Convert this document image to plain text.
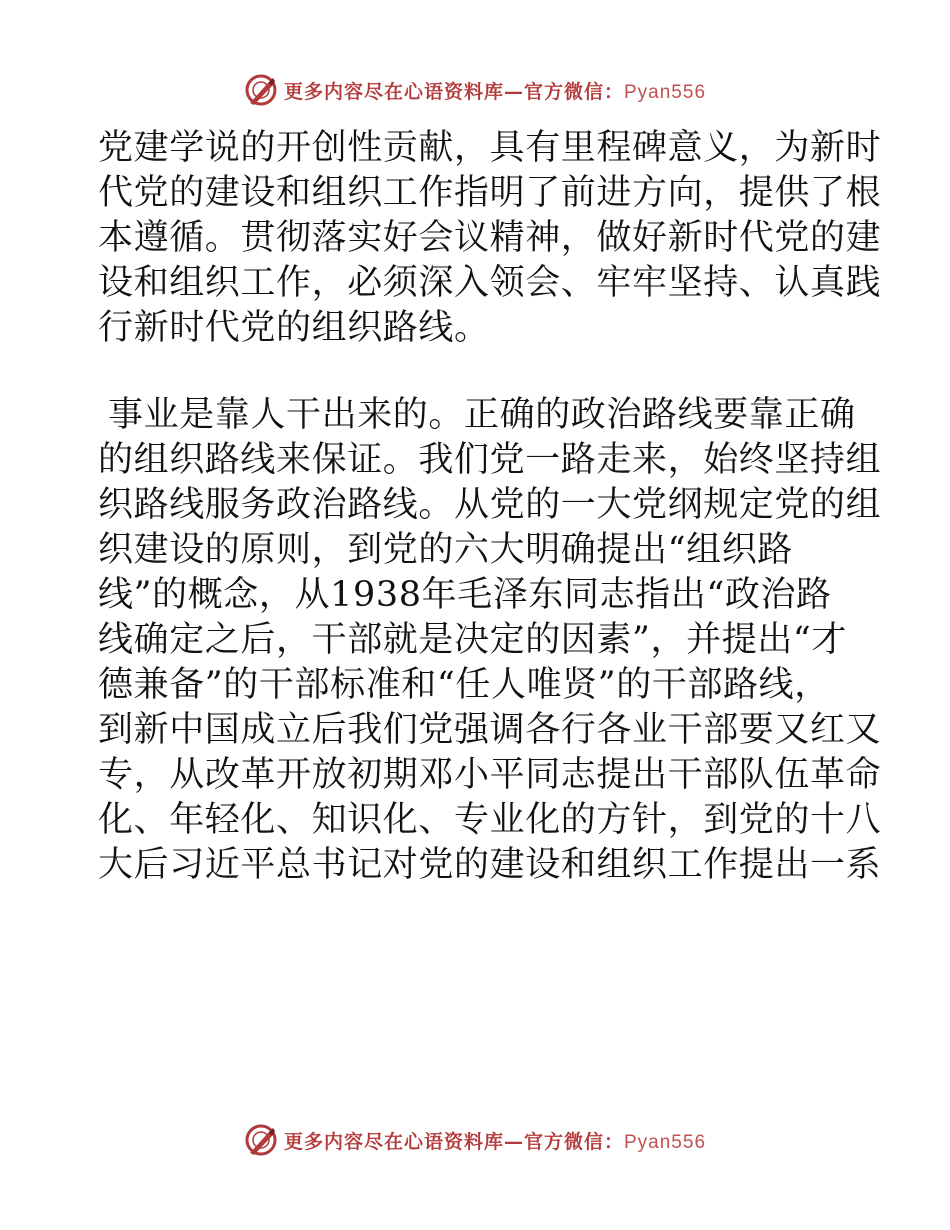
更多内容尽在心语资料库—官方微信：Pyan556

党建学说的开创性贡献，具有里程碑意义，为新时
代党的建设和组织工作指明了前进方向，提供了根
本遵循。贯彻落实好会议精神，做好新时代党的建
设和组织工作，必须深入领会、牢牢坚持、认真践
行新时代党的组织路线。

事业是靠人干出来的。正确的政治路线要靠正确
的组织路线来保证。我们党一路走来，始终坚持组
织路线服务政治路线。从党的一大党纲规定党的组
织建设的原则，到党的六大明确提出“组织路
线”的概念，从1938年毛泽东同志指出“政治路
线确定之后，干部就是决定的因素”，并提出“才
德兼备”的干部标准和“任人唯贤”的干部路线，
到新中国成立后我们党强调各行各业干部要又红又
专，从改革开放初期邓小平同志提出干部队伍革命
化、年轻化、知识化、专业化的方针，到党的十八
大后习近平总书记对党的建设和组织工作提出一系

更多内容尽在心语资料库—官方微信：Pyan556
